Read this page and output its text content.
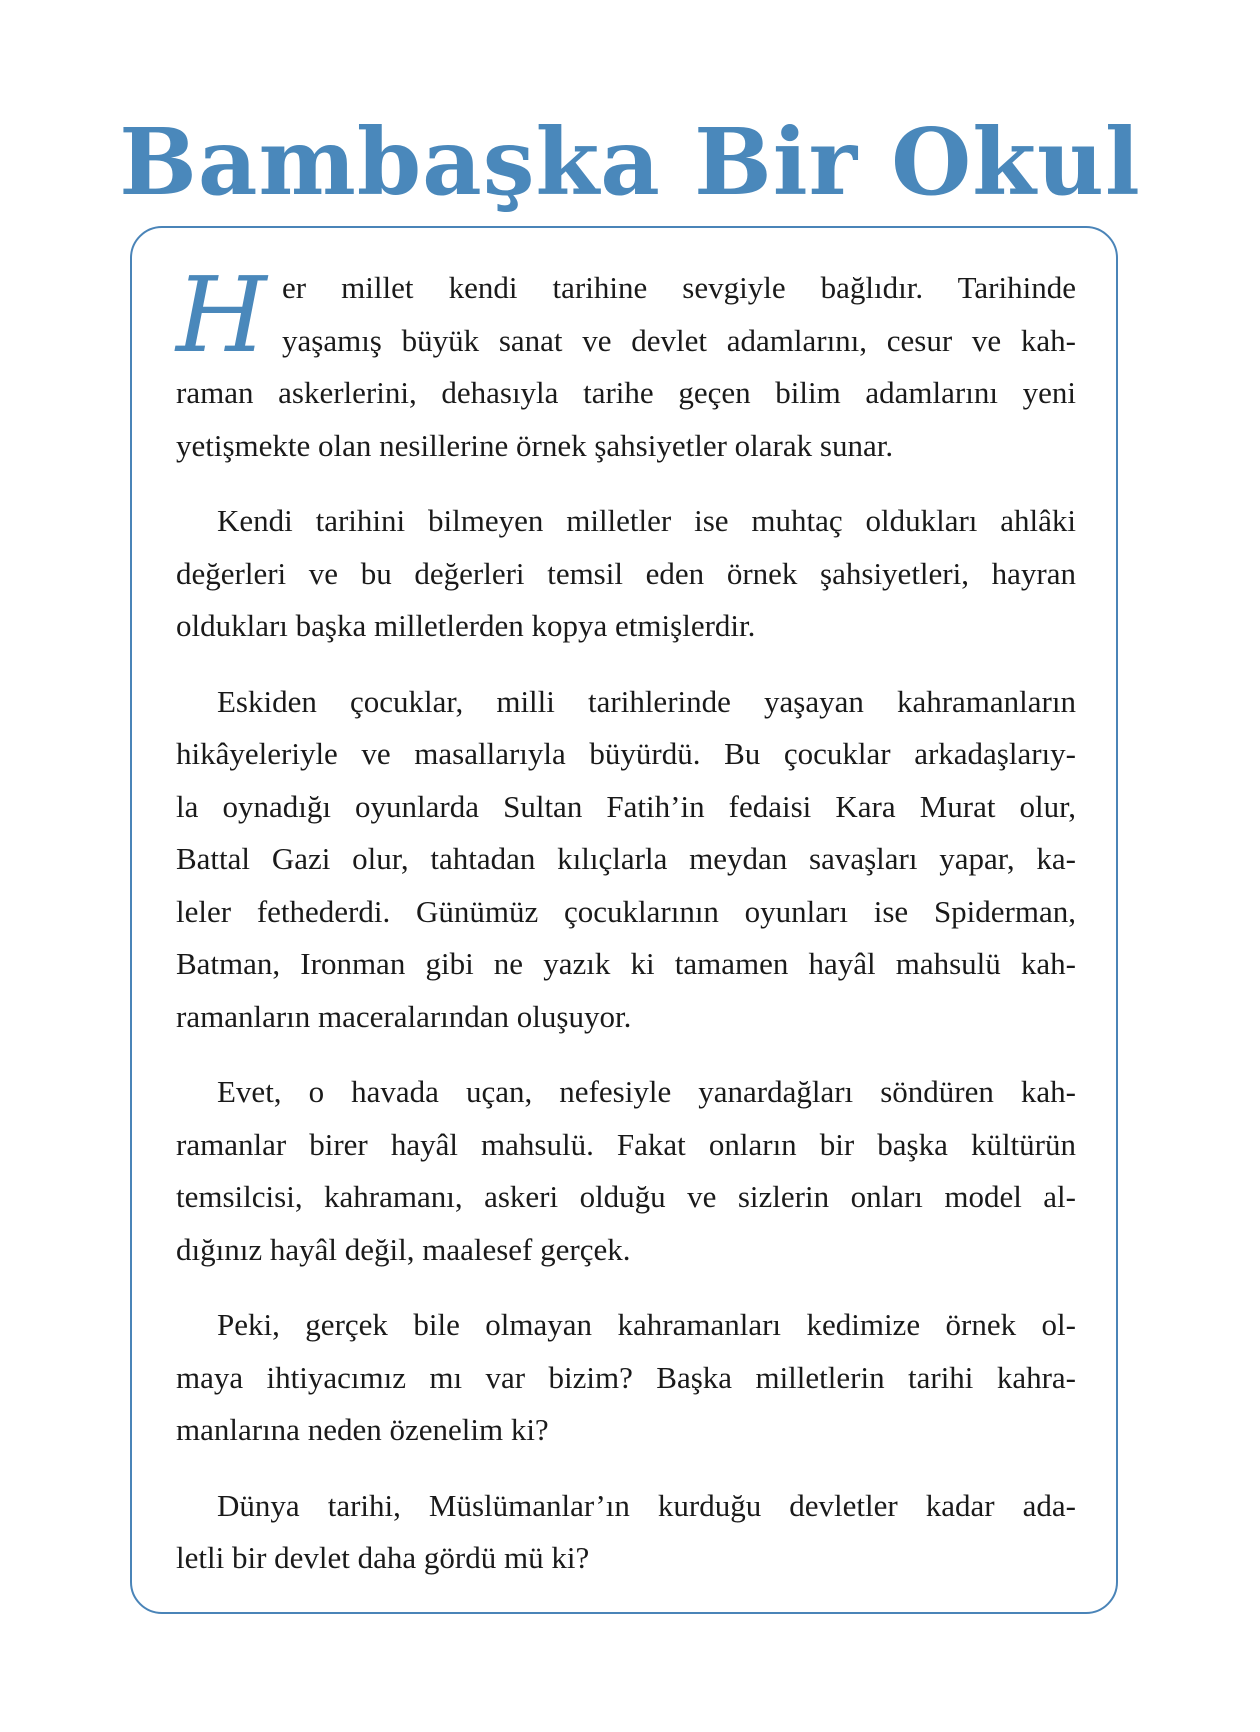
Bambaşka Bir Okul
H er millet kendi tarihine sevgiyle bağlıdır. Tarihinde
yaşamış büyük sanat ve devlet adamlarını, cesur ve kah-
raman askerlerini, dehasıyla tarihe geçen bilim adamlarını yeni
yetişmekte olan nesillerine örnek şahsiyetler olarak sunar.
Kendi tarihini bilmeyen milletler ise muhtaç oldukları ahlâki
değerleri ve bu değerleri temsil eden örnek şahsiyetleri, hayran
oldukları başka milletlerden kopya etmişlerdir.
Eskiden çocuklar, milli tarihlerinde yaşayan kahramanların
hikâyeleriyle ve masallarıyla büyürdü. Bu çocuklar arkadaşlarıy-
la oynadığı oyunlarda Sultan Fatih’in fedaisi Kara Murat olur,
Battal Gazi olur, tahtadan kılıçlarla meydan savaşları yapar, ka-
leler fethederdi. Günümüz çocuklarının oyunları ise Spiderman,
Batman, Ironman gibi ne yazık ki tamamen hayâl mahsulü kah-
ramanların maceralarından oluşuyor.
Evet, o havada uçan, nefesiyle yanardağları söndüren kah-
ramanlar birer hayâl mahsulü. Fakat onların bir başka kültürün
temsilcisi, kahramanı, askeri olduğu ve sizlerin onları model al-
dığınız hayâl değil, maalesef gerçek.
Peki, gerçek bile olmayan kahramanları kedimize örnek ol-
maya ihtiyacımız mı var bizim? Başka milletlerin tarihi kahra-
manlarına neden özenelim ki?
Dünya tarihi, Müslümanlar’ın kurduğu devletler kadar ada-
letli bir devlet daha gördü mü ki?
